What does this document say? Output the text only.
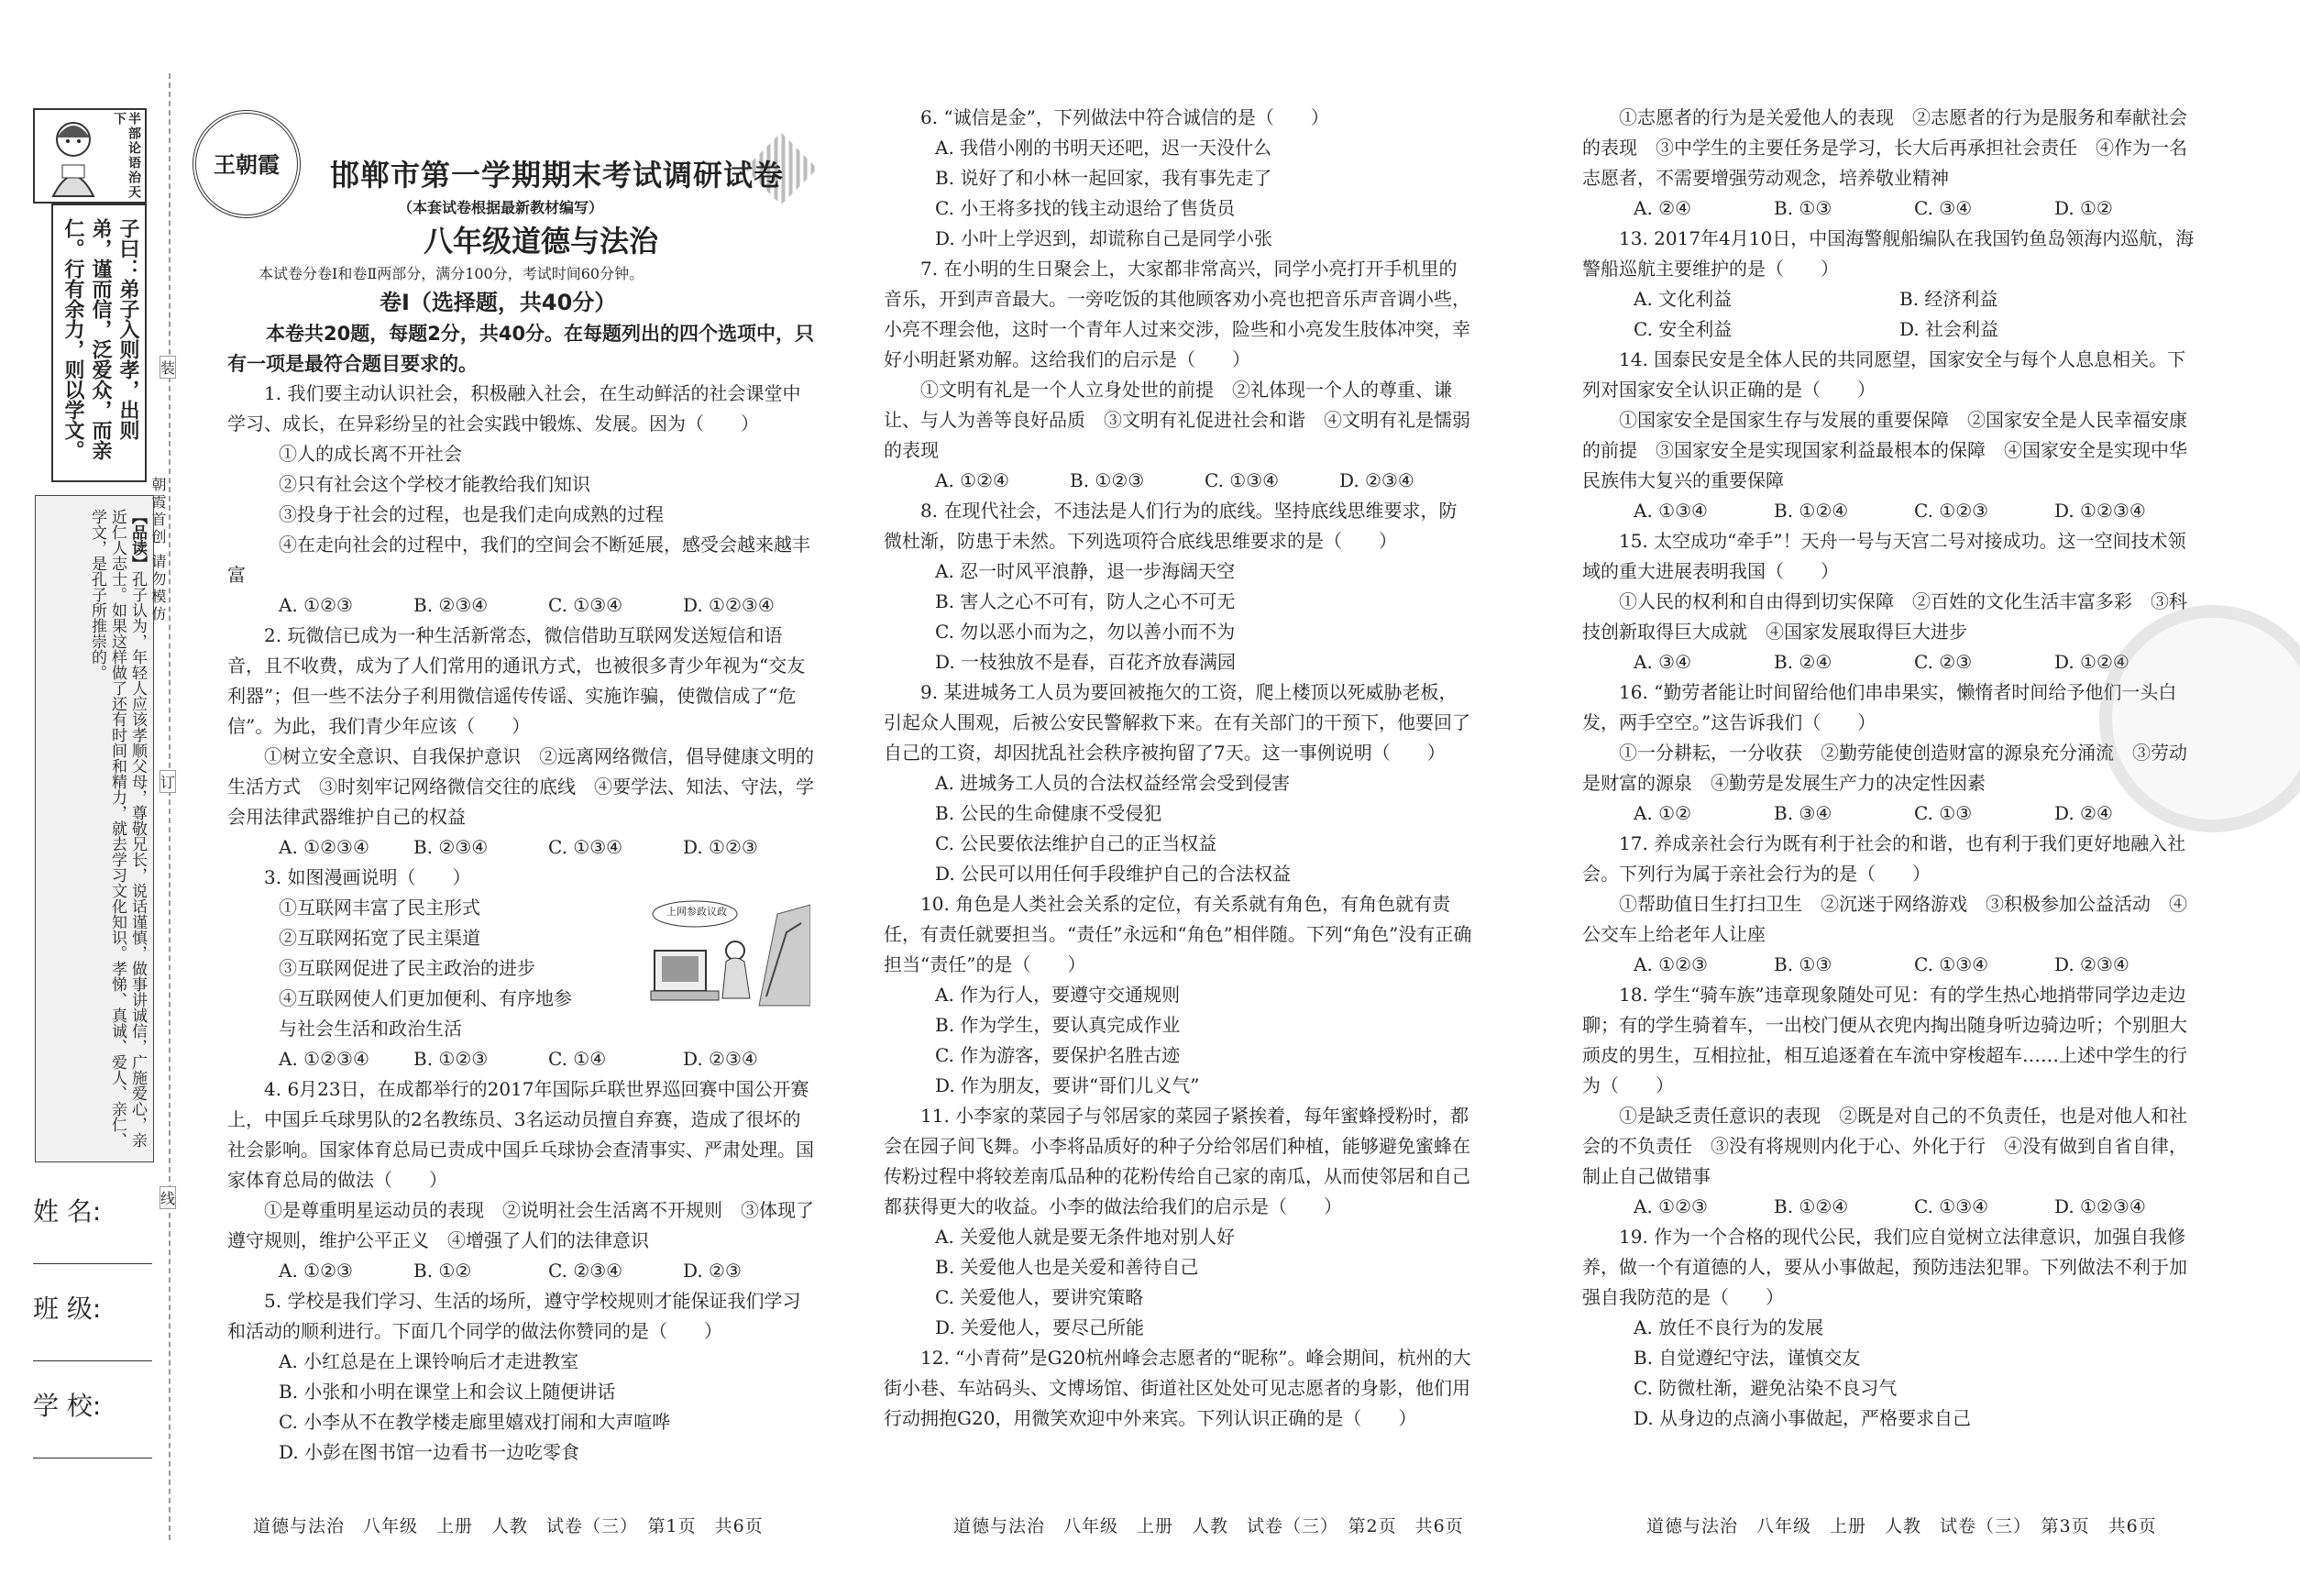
半部论语治天下
子曰：弟子入则孝，出则弟，谨而信，泛爱众，而亲仁。行有余力，则以学文。
【品读】孔子认为，年轻人应该孝顺父母，尊敬兄长，说话谨慎，做事讲诚信，广施爱心，亲近仁人志士。如果这样做了还有时间和精力，就去学习文化知识。孝悌、真诚、爱人、亲仁、学文，是孔子所推崇的。	朝霞首创 请勿模仿
姓 名:
班 级:
学 校:
装
订
线
王朝霞	邯郸市第一学期期末考试调研试卷
（本套试卷根据最新教材编写）
八年级道德与法治
本试卷分卷Ⅰ和卷Ⅱ两部分，满分100分，考试时间60分钟。
卷Ⅰ（选择题，共40分）
本卷共20题，每题2分，共40分。在每题列出的四个选项中，只有一项是最符合题目要求的。

1. 我们要主动认识社会，积极融入社会，在生动鲜活的社会课堂中学习、成长，在异彩纷呈的社会实践中锻炼、发展。因为（　　）

①人的成长离不开社会

②只有社会这个学校才能教给我们知识

③投身于社会的过程，也是我们走向成熟的过程

④在走向社会的过程中，我们的空间会不断延展，感受会越来越丰富

A. ①②③	B. ②③④	C. ①③④	D. ①②③④

2. 玩微信已成为一种生活新常态，微信借助互联网发送短信和语音，且不收费，成为了人们常用的通讯方式，也被很多青少年视为“交友利器”；但一些不法分子利用微信遥传传谣、实施诈骗，使微信成了“危信”。为此，我们青少年应该（　　）

①树立安全意识、自我保护意识　②远离网络微信，倡导健康文明的生活方式　③时刻牢记网络微信交往的底线　④要学法、知法、守法，学会用法律武器维护自己的权益

A. ①②③④	B. ②③④	C. ①③④	D. ①②③

3. 如图漫画说明（　　）

①互联网丰富了民主形式

②互联网拓宽了民主渠道

③互联网促进了民主政治的进步

④互联网使人们更加便利、有序地参与社会生活和政治生活

A. ①②③④	B. ①②③	C. ①④	D. ②③④
上网参政议政

4. 6月23日，在成都举行的2017年国际乒联世界巡回赛中国公开赛上，中国乒乓球男队的2名教练员、3名运动员擅自弃赛，造成了很坏的社会影响。国家体育总局已责成中国乒乓球协会查清事实、严肃处理。国家体育总局的做法（　　）

①是尊重明星运动员的表现　②说明社会生活离不开规则　③体现了遵守规则，维护公平正义　④增强了人们的法律意识

A. ①②③	B. ①②	C. ②③④	D. ②③

5. 学校是我们学习、生活的场所，遵守学校规则才能保证我们学习和活动的顺利进行。下面几个同学的做法你赞同的是（　　）

A. 小红总是在上课铃响后才走进教室

B. 小张和小明在课堂上和会议上随便讲话

C. 小李从不在教学楼走廊里嬉戏打闹和大声喧哗

D. 小彭在图书馆一边看书一边吃零食

6. “诚信是金”，下列做法中符合诚信的是（　　）

A. 我借小刚的书明天还吧，迟一天没什么

B. 说好了和小林一起回家，我有事先走了

C. 小王将多找的钱主动退给了售货员

D. 小叶上学迟到，却谎称自己是同学小张

7. 在小明的生日聚会上，大家都非常高兴，同学小亮打开手机里的音乐，开到声音最大。一旁吃饭的其他顾客劝小亮也把音乐声音调小些，小亮不理会他，这时一个青年人过来交涉，险些和小亮发生肢体冲突，幸好小明赶紧劝解。这给我们的启示是（　　）

①文明有礼是一个人立身处世的前提　②礼体现一个人的尊重、谦让、与人为善等良好品质　③文明有礼促进社会和谐　④文明有礼是懦弱的表现

A. ①②④	B. ①②③	C. ①③④	D. ②③④

8. 在现代社会，不违法是人们行为的底线。坚持底线思维要求，防微杜渐，防患于未然。下列选项符合底线思维要求的是（　　）

A. 忍一时风平浪静，退一步海阔天空

B. 害人之心不可有，防人之心不可无

C. 勿以恶小而为之，勿以善小而不为

D. 一枝独放不是春，百花齐放春满园

9. 某进城务工人员为要回被拖欠的工资，爬上楼顶以死威胁老板，引起众人围观，后被公安民警解救下来。在有关部门的干预下，他要回了自己的工资，却因扰乱社会秩序被拘留了7天。这一事例说明（　　）

A. 进城务工人员的合法权益经常会受到侵害

B. 公民的生命健康不受侵犯

C. 公民要依法维护自己的正当权益

D. 公民可以用任何手段维护自己的合法权益

10. 角色是人类社会关系的定位，有关系就有角色，有角色就有责任，有责任就要担当。“责任”永远和“角色”相伴随。下列“角色”没有正确担当“责任”的是（　　）

A. 作为行人，要遵守交通规则

B. 作为学生，要认真完成作业

C. 作为游客，要保护名胜古迹

D. 作为朋友，要讲“哥们儿义气”

11. 小李家的菜园子与邻居家的菜园子紧挨着，每年蜜蜂授粉时，都会在园子间飞舞。小李将品质好的种子分给邻居们种植，能够避免蜜蜂在传粉过程中将较差南瓜品种的花粉传给自己家的南瓜，从而使邻居和自己都获得更大的收益。小李的做法给我们的启示是（　　）

A. 关爱他人就是要无条件地对别人好

B. 关爱他人也是关爱和善待自己

C. 关爱他人，要讲究策略

D. 关爱他人，要尽己所能

12. “小青荷”是G20杭州峰会志愿者的“昵称”。峰会期间，杭州的大街小巷、车站码头、文博场馆、街道社区处处可见志愿者的身影，他们用行动拥抱G20，用微笑欢迎中外来宾。下列认识正确的是（　　）

①志愿者的行为是关爱他人的表现　②志愿者的行为是服务和奉献社会的表现　③中学生的主要任务是学习，长大后再承担社会责任　④作为一名志愿者，不需要增强劳动观念，培养敬业精神

A. ②④	B. ①③	C. ③④	D. ①②

13. 2017年4月10日，中国海警舰船编队在我国钓鱼岛领海内巡航，海警船巡航主要维护的是（　　）

A. 文化利益	B. 经济利益
C. 安全利益	D. 社会利益

14. 国泰民安是全体人民的共同愿望，国家安全与每个人息息相关。下列对国家安全认识正确的是（　　）

①国家安全是国家生存与发展的重要保障　②国家安全是人民幸福安康的前提　③国家安全是实现国家利益最根本的保障　④国家安全是实现中华民族伟大复兴的重要保障

A. ①③④	B. ①②④	C. ①②③	D. ①②③④

15. 太空成功“牵手”！天舟一号与天宫二号对接成功。这一空间技术领域的重大进展表明我国（　　）

①人民的权利和自由得到切实保障　②百姓的文化生活丰富多彩　③科技创新取得巨大成就　④国家发展取得巨大进步

A. ③④	B. ②④	C. ②③	D. ①②④

16. “勤劳者能让时间留给他们串串果实，懒惰者时间给予他们一头白发，两手空空。”这告诉我们（　　）

①一分耕耘，一分收获　②勤劳能使创造财富的源泉充分涌流　③劳动是财富的源泉　④勤劳是发展生产力的决定性因素

A. ①②	B. ③④	C. ①③	D. ②④

17. 养成亲社会行为既有利于社会的和谐，也有利于我们更好地融入社会。下列行为属于亲社会行为的是（　　）

①帮助值日生打扫卫生　②沉迷于网络游戏　③积极参加公益活动　④公交车上给老年人让座

A. ①②③	B. ①③	C. ①③④	D. ②③④

18. 学生“骑车族”违章现象随处可见：有的学生热心地捎带同学边走边聊；有的学生骑着车，一出校门便从衣兜内掏出随身听边骑边听；个别胆大顽皮的男生，互相拉扯，相互追逐着在车流中穿梭超车……上述中学生的行为（　　）

①是缺乏责任意识的表现　②既是对自己的不负责任，也是对他人和社会的不负责任　③没有将规则内化于心、外化于行　④没有做到自省自律，制止自己做错事

A. ①②③	B. ①②④	C. ①③④	D. ①②③④

19. 作为一个合格的现代公民，我们应自觉树立法律意识，加强自我修养，做一个有道德的人，要从小事做起，预防违法犯罪。下列做法不利于加强自我防范的是（　　）

A. 放任不良行为的发展

B. 自觉遵纪守法，谨慎交友

C. 防微杜渐，避免沾染不良习气

D. 从身边的点滴小事做起，严格要求自己

道德与法治　八年级　上册　人教　试卷（三）　第1页　共6页	道德与法治　八年级　上册　人教　试卷（三）　第2页　共6页	道德与法治　八年级　上册　人教　试卷（三）　第3页　共6页
